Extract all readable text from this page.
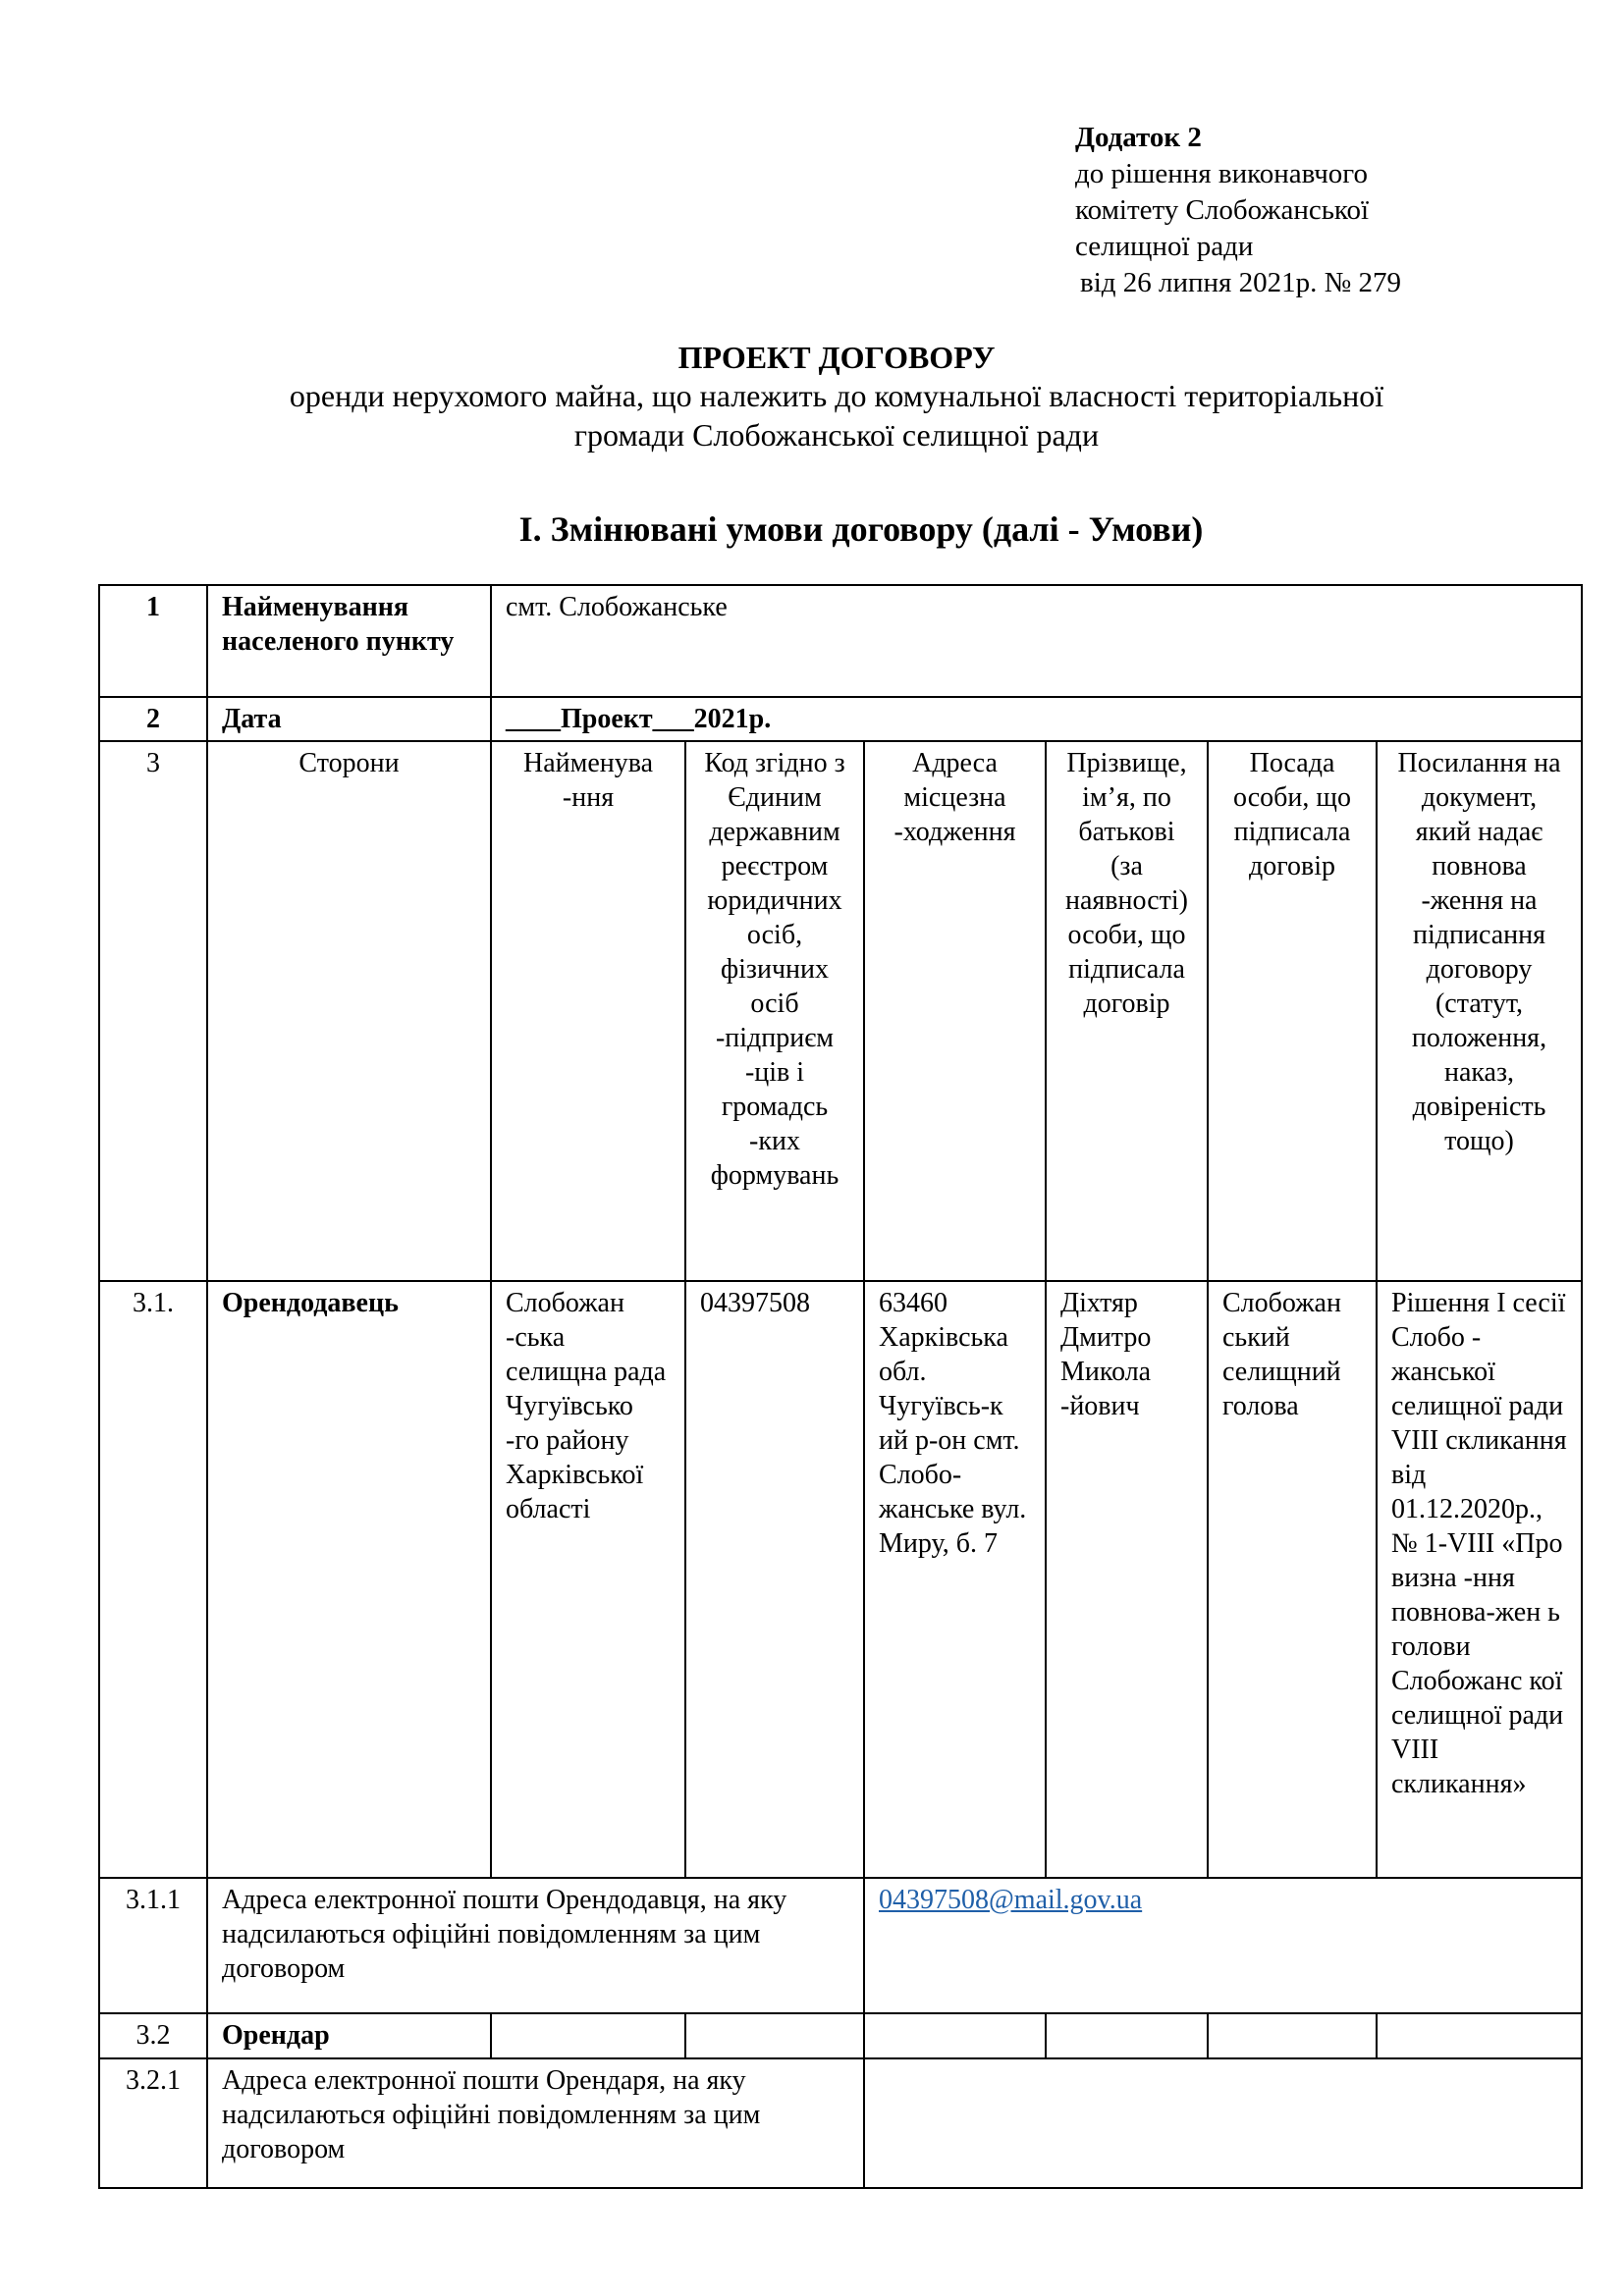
Додаток 2
до рішення виконавчого
комітету Слобожанської
селищної ради
від 26 липня 2021р. № 279
ПРОЕКТ ДОГОВОРУ
оренди нерухомого майна, що належить до комунальної власності територіальної
громади Слобожанської селищної ради
І. Змінювані умови договору (далі - Умови)
1	Найменування населеного пункту	смт. Слобожанське					
2	Дата	____Проект___2021р.					
3	Сторони	Найменува -ння	Код згідно з Єдиним державним реєстром юридичних осіб, фізичних осіб -підприєм -ців і громадсь -ких формувань	Адреса місцезна -ходження	Прізвище, ім’я, по батькові (за наявності) особи, що підписала договір	Посада особи, що підписала договір	Посилання на документ, який надає повнова -ження на підписання договору (статут, положення, наказ, довіреність тощо)
3.1.	Орендодавець	Слобожан -ська селищна рада Чугуївсько -го району Харківської області	04397508	63460 Харківська обл. Чугуївсь-к ий р-он смт. Слобо- жанське вул. Миру, б. 7	Діхтяр Дмитро Микола -йович	Слобожан ський селищний голова	Рішення І сесії Слобо - жанської селищної ради VIII скликання від 01.12.2020р., № 1-VIII «Про визна -ння повнова-жен ь голови Слобожанс кої селищної ради VIII скликання»
3.1.1	Адреса електронної пошти Орендодавця, на яку надсилаються офіційні повідомленням за цим договором			04397508@mail.gov.ua			
3.2	Орендар						
3.2.1	Адреса електронної пошти Орендаря, на яку надсилаються офіційні повідомленням за цим договором						
